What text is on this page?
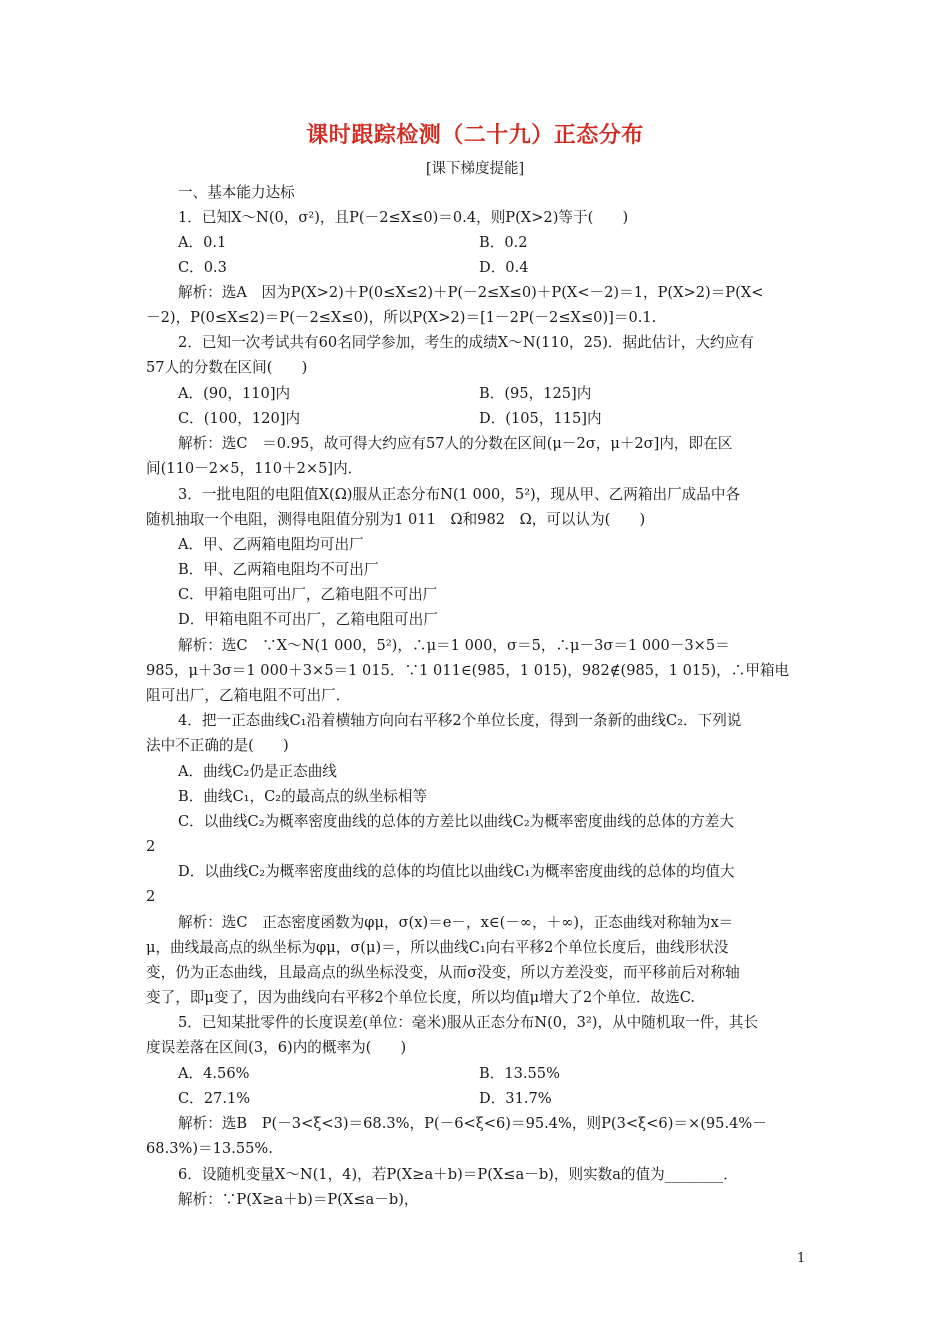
课时跟踪检测（二十九）正态分布
[课下梯度提能]
一、基本能力达标
1．已知X～N(0，σ²)，且P(－2≤X≤0)＝0.4，则P(X>2)等于(　　)
A．0.1	B．0.2
C．0.3	D．0.4
解析：选A　因为P(X>2)＋P(0≤X≤2)＋P(－2≤X≤0)＋P(X<－2)＝1，P(X>2)＝P(X<
－2)，P(0≤X≤2)＝P(－2≤X≤0)，所以P(X>2)＝[1－2P(－2≤X≤0)]＝0.1.
2．已知一次考试共有60名同学参加，考生的成绩X～N(110，25)．据此估计，大约应有
57人的分数在区间(　　)
A．(90，110]内	B．(95，125]内
C．(100，120]内	D．(105，115]内
解析：选C　＝0.95，故可得大约应有57人的分数在区间(μ－2σ，μ＋2σ]内，即在区
间(110－2×5，110＋2×5]内．
3．一批电阻的电阻值X(Ω)服从正态分布N(1 000，5²)，现从甲、乙两箱出厂成品中各
随机抽取一个电阻，测得电阻值分别为1 011　Ω和982　Ω，可以认为(　　)
A．甲、乙两箱电阻均可出厂
B．甲、乙两箱电阻均不可出厂
C．甲箱电阻可出厂，乙箱电阻不可出厂
D．甲箱电阻不可出厂，乙箱电阻可出厂
解析：选C　∵X～N(1 000，5²)，∴μ＝1 000，σ＝5，∴μ－3σ＝1 000－3×5＝
985，μ＋3σ＝1 000＋3×5＝1 015．∵1 011∈(985，1 015)，982∉(985，1 015)，∴甲箱电
阻可出厂，乙箱电阻不可出厂．
4．把一正态曲线C₁沿着横轴方向向右平移2个单位长度，得到一条新的曲线C₂．下列说
法中不正确的是(　　)
A．曲线C₂仍是正态曲线
B．曲线C₁，C₂的最高点的纵坐标相等
C．以曲线C₂为概率密度曲线的总体的方差比以曲线C₂为概率密度曲线的总体的方差大
2
D．以曲线C₂为概率密度曲线的总体的均值比以曲线C₁为概率密度曲线的总体的均值大
2
解析：选C　正态密度函数为φμ，σ(x)＝e－，x∈(－∞，＋∞)，正态曲线对称轴为x＝
μ，曲线最高点的纵坐标为φμ，σ(μ)＝，所以曲线C₁向右平移2个单位长度后，曲线形状没
变，仍为正态曲线，且最高点的纵坐标没变，从而σ没变，所以方差没变，而平移前后对称轴
变了，即μ变了，因为曲线向右平移2个单位长度，所以均值μ增大了2个单位．故选C.
5．已知某批零件的长度误差(单位：毫米)服从正态分布N(0，3²)，从中随机取一件，其长
度误差落在区间(3，6)内的概率为(　　)
A．4.56%	B．13.55%
C．27.1%	D．31.7%
解析：选B　P(－3<ξ<3)＝68.3%，P(－6<ξ<6)＝95.4%，则P(3<ξ<6)＝×(95.4%－
68.3%)＝13.55%.
6．设随机变量X～N(1，4)，若P(X≥a＋b)＝P(X≤a－b)，则实数a的值为________．
解析：∵P(X≥a＋b)＝P(X≤a－b)，
1
